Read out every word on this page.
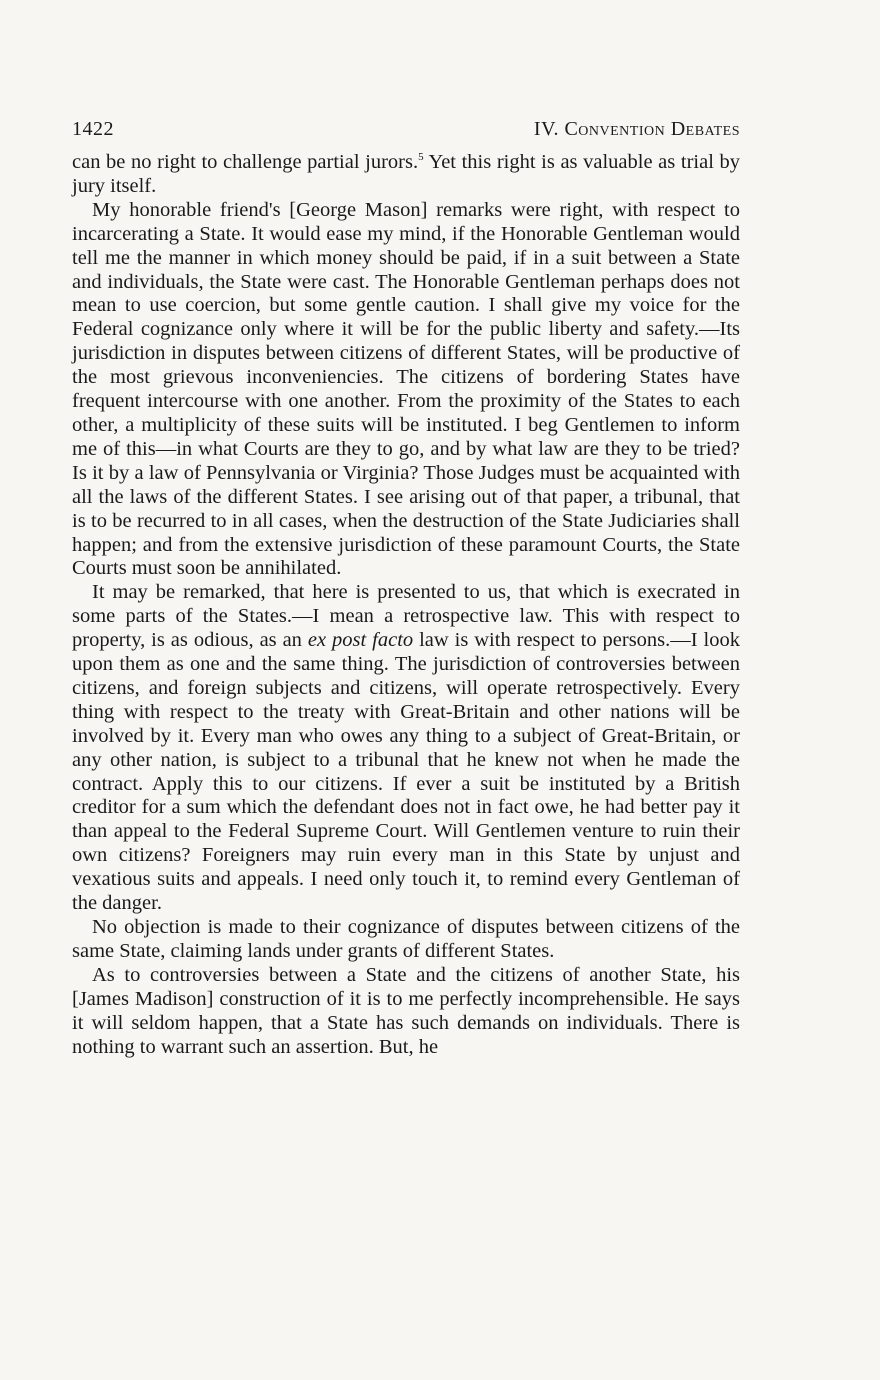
1422	IV. Convention Debates

can be no right to challenge partial jurors.$^5$ Yet this right is as valuable as trial by jury itself.

My honorable friend's [George Mason] remarks were right, with respect to incarcerating a State. It would ease my mind, if the Honorable Gentleman would tell me the manner in which money should be paid, if in a suit between a State and individuals, the State were cast. The Honorable Gentleman perhaps does not mean to use coercion, but some gentle caution. I shall give my voice for the Federal cognizance only where it will be for the public liberty and safety.—Its jurisdiction in disputes between citizens of different States, will be productive of the most grievous inconveniencies. The citizens of bordering States have frequent intercourse with one another. From the proximity of the States to each other, a multiplicity of these suits will be instituted. I beg Gentlemen to inform me of this—in what Courts are they to go, and by what law are they to be tried? Is it by a law of Pennsylvania or Virginia? Those Judges must be acquainted with all the laws of the different States. I see arising out of that paper, a tribunal, that is to be recurred to in all cases, when the destruction of the State Judiciaries shall happen; and from the extensive jurisdiction of these paramount Courts, the State Courts must soon be annihilated.

It may be remarked, that here is presented to us, that which is execrated in some parts of the States.—I mean a retrospective law. This with respect to property, is as odious, as an ex post facto law is with respect to persons.—I look upon them as one and the same thing. The jurisdiction of controversies between citizens, and foreign subjects and citizens, will operate retrospectively. Every thing with respect to the treaty with Great-Britain and other nations will be involved by it. Every man who owes any thing to a subject of Great-Britain, or any other nation, is subject to a tribunal that he knew not when he made the contract. Apply this to our citizens. If ever a suit be instituted by a British creditor for a sum which the defendant does not in fact owe, he had better pay it than appeal to the Federal Supreme Court. Will Gentlemen venture to ruin their own citizens? Foreigners may ruin every man in this State by unjust and vexatious suits and appeals. I need only touch it, to remind every Gentleman of the danger.

No objection is made to their cognizance of disputes between citizens of the same State, claiming lands under grants of different States.

As to controversies between a State and the citizens of another State, his [James Madison] construction of it is to me perfectly incomprehensible. He says it will seldom happen, that a State has such demands on individuals. There is nothing to warrant such an assertion. But, he
